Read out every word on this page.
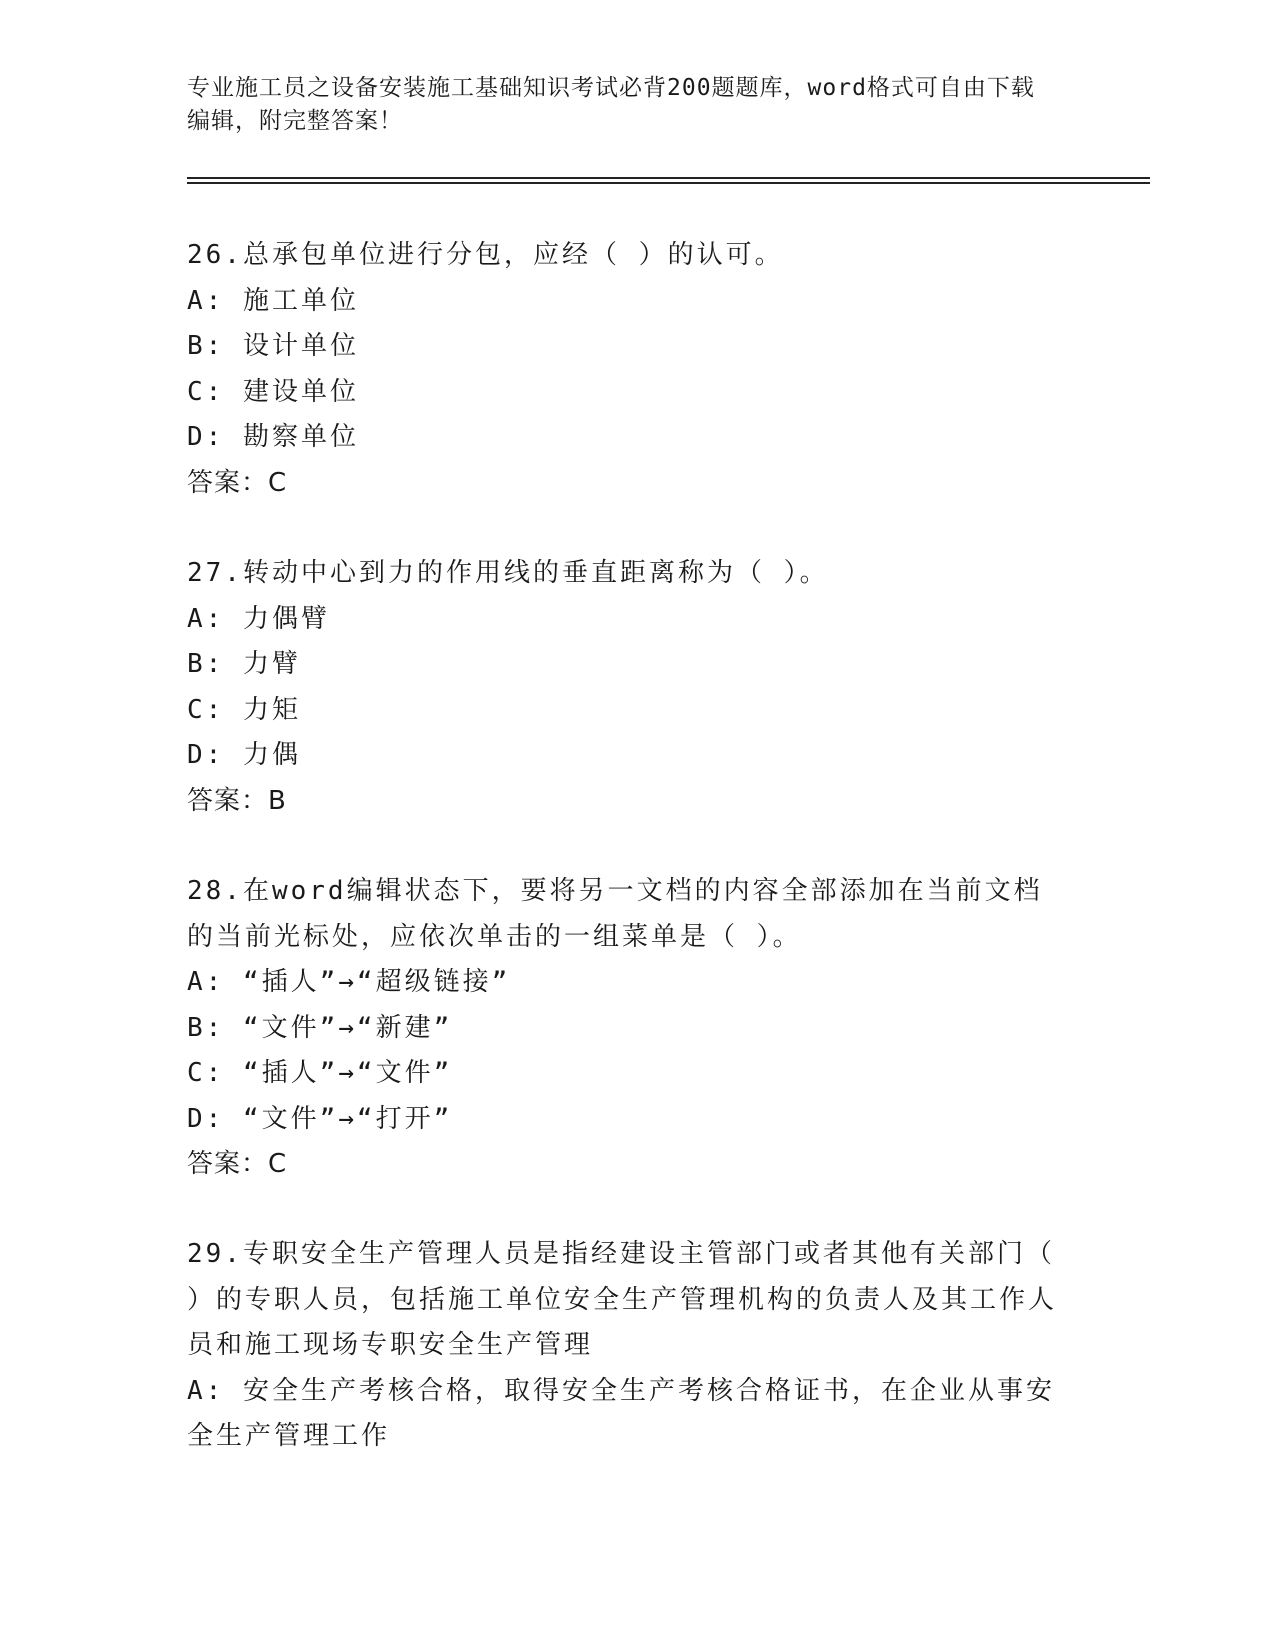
专业施工员之设备安装施工基础知识考试必背200题题库，word格式可自由下载
编辑，附完整答案！

26.总承包单位进行分包，应经（ ）的认可。

A: 施工单位

B: 设计单位

C: 建设单位

D: 勘察单位

答案：C

27.转动中心到力的作用线的垂直距离称为（ ）。

A: 力偶臂

B: 力臂

C: 力矩

D: 力偶

答案：B

28.在word编辑状态下，要将另一文档的内容全部添加在当前文档的当前光标处，应依次单击的一组菜单是（ ）。

A: “插人”→“超级链接”

B: “文件”→“新建”

C: “插人”→“文件”

D: “文件”→“打开”

答案：C

29.专职安全生产管理人员是指经建设主管部门或者其他有关部门（ ）的专职人员，包括施工单位安全生产管理机构的负责人及其工作人员和施工现场专职安全生产管理

A: 安全生产考核合格，取得安全生产考核合格证书，在企业从事安全生产管理工作
